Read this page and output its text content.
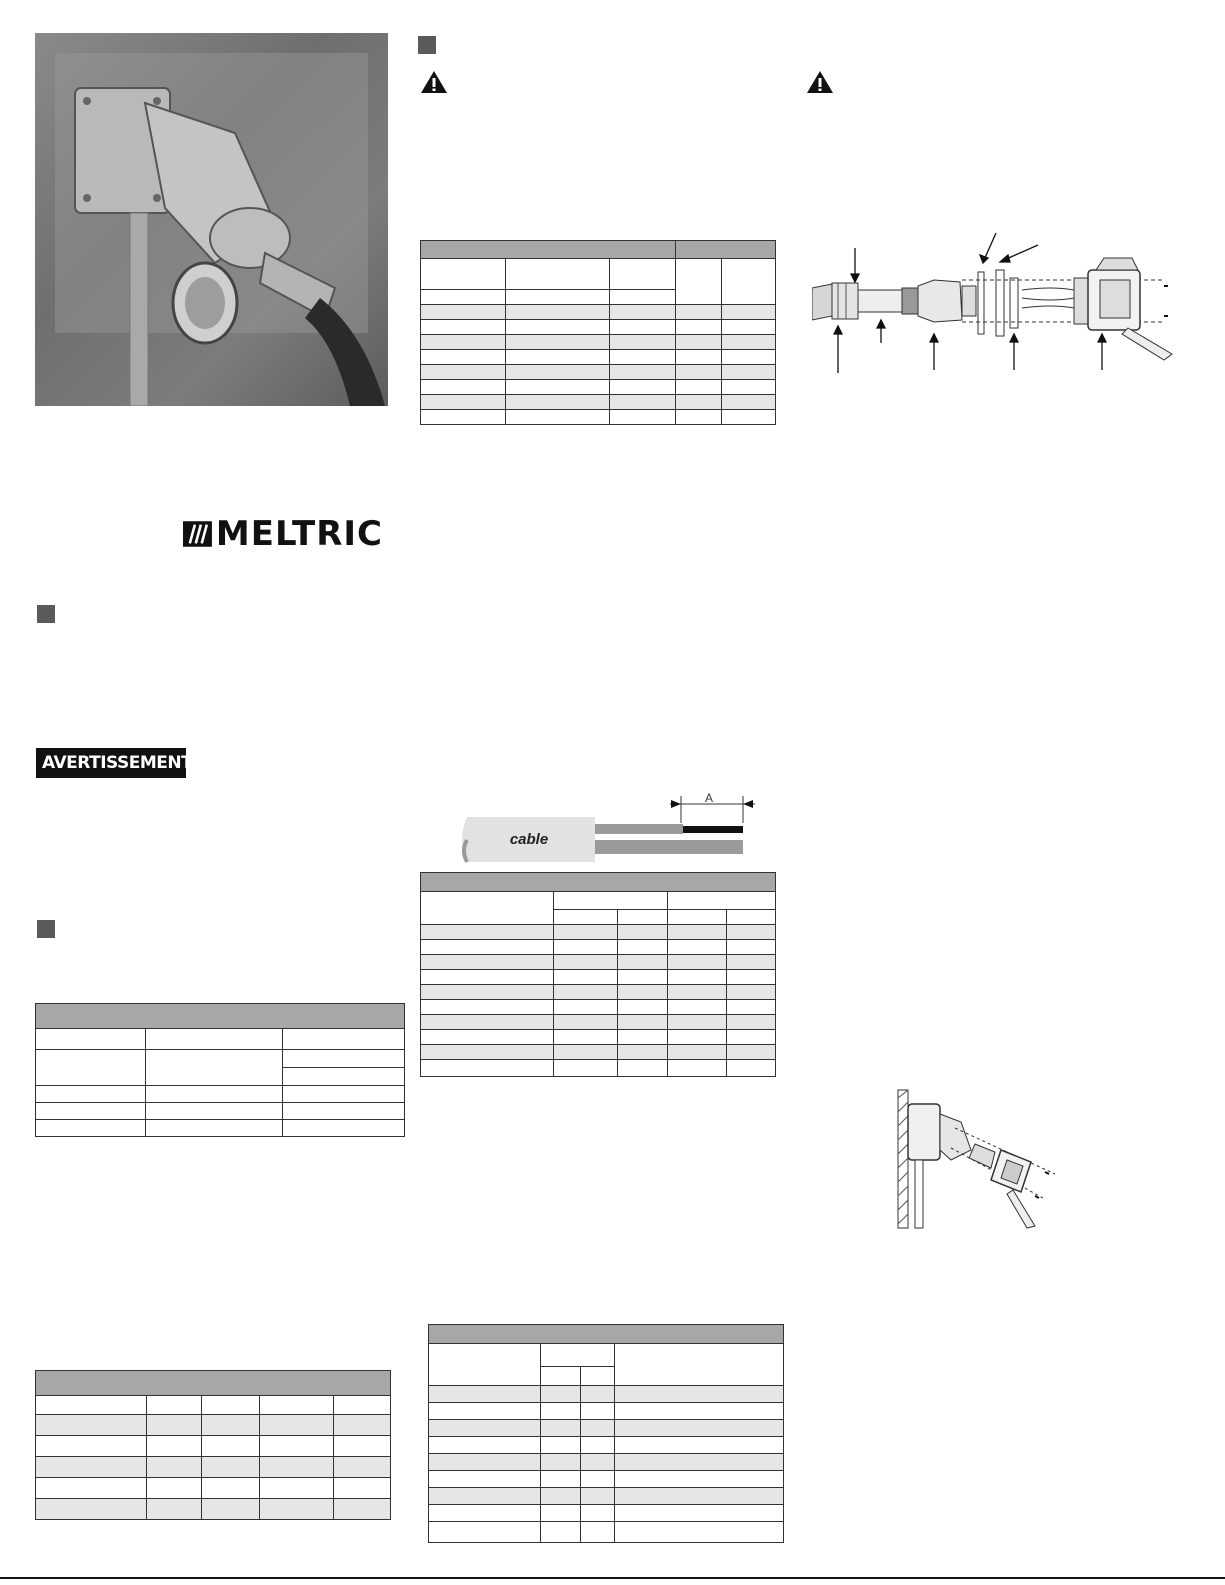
MELTRIC
AVERTISSEMENT

A
cable
